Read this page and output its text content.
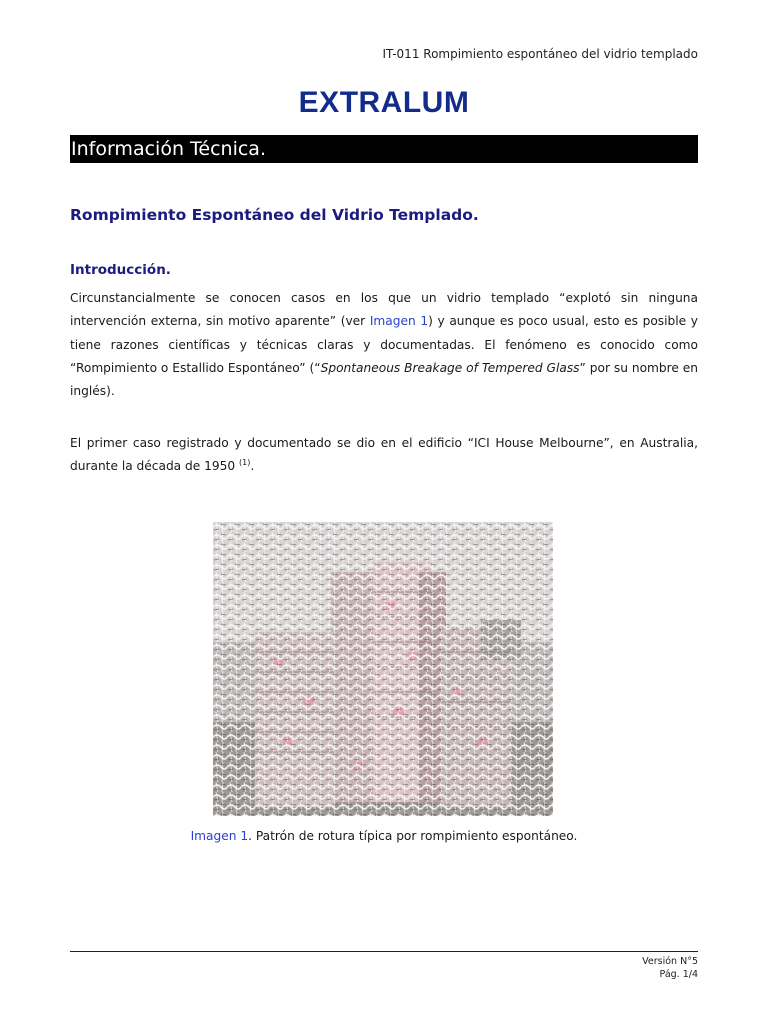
IT-011 Rompimiento espontáneo del vidrio templado
EXTRALUM
Información Técnica.
Rompimiento Espontáneo del Vidrio Templado.
Introducción.

Circunstancialmente se conocen casos en los que un vidrio templado “explotó sin ninguna intervención externa, sin motivo aparente” (ver Imagen 1) y aunque es poco usual, esto es posible y tiene razones científicas y técnicas claras y documentadas. El fenómeno es conocido como “Rompimiento o Estallido Espontáneo” (“Spontaneous Breakage of Tempered Glass” por su nombre en inglés).

El primer caso registrado y documentado se dio en el edificio “ICI House Melbourne”, en Australia, durante la década de 1950 $^{(1)}$.

Imagen 1. Patrón de rotura típica por rompimiento espontáneo.
Versión N°5
Pág. 1/4
